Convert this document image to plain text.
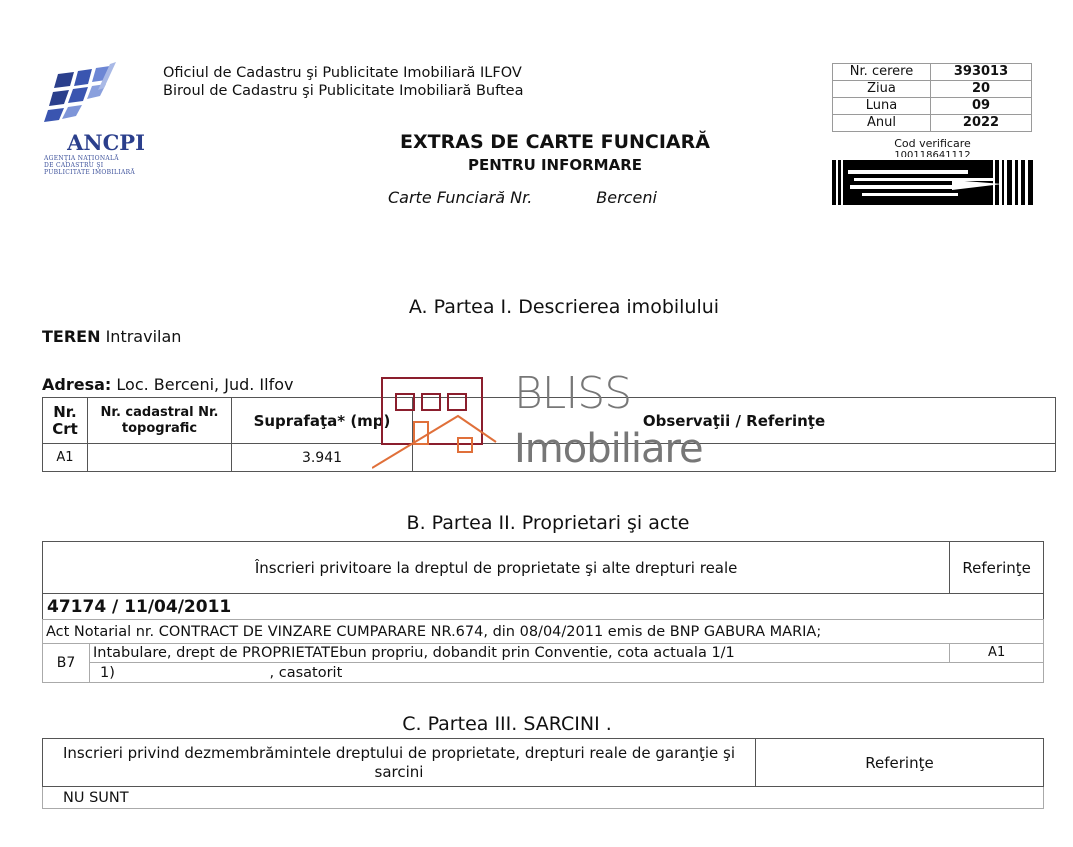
ANCPI
AGENŢIA NAŢIONALĂ
DE CADASTRU ŞI
PUBLICITATE IMOBILIARĂ
Oficiul de Cadastru şi Publicitate Imobiliară ILFOV
Biroul de Cadastru şi Publicitate Imobiliară Buftea
EXTRAS DE CARTE FUNCIARĂ
PENTRU INFORMARE
Carte Funciară Nr.	Berceni
Nr. cerere	393013
Ziua	20
Luna	09
Anul	2022
Cod verificare
100118641112
A. Partea I. Descrierea imobilului
TEREN Intravilan
Adresa: Loc. Berceni, Jud. Ilfov
Nr. Crt	Nr. cadastral Nr. topografic	Suprafaţa* (mp)	Observaţii / Referinţe
A1		3.941	
BLISS
Imobiliare
B. Partea II. Proprietari şi acte
Înscrieri privitoare la dreptul de proprietate şi alte drepturi reale		Referinţe
47174 / 11/04/2011		
Act Notarial nr. CONTRACT DE VINZARE CUMPARARE NR.674, din 08/04/2011 emis de BNP GABURA MARIA;		
B7	Intabulare, drept de PROPRIETATEbun propriu, dobandit prin Conventie, cota actuala 1/1	A1
	1) , casatorit	
C. Partea III. SARCINI .
Inscrieri privind dezmembrămintele dreptului de proprietate, drepturi reale de garanţie şi sarcini	Referinţe
NU SUNT
